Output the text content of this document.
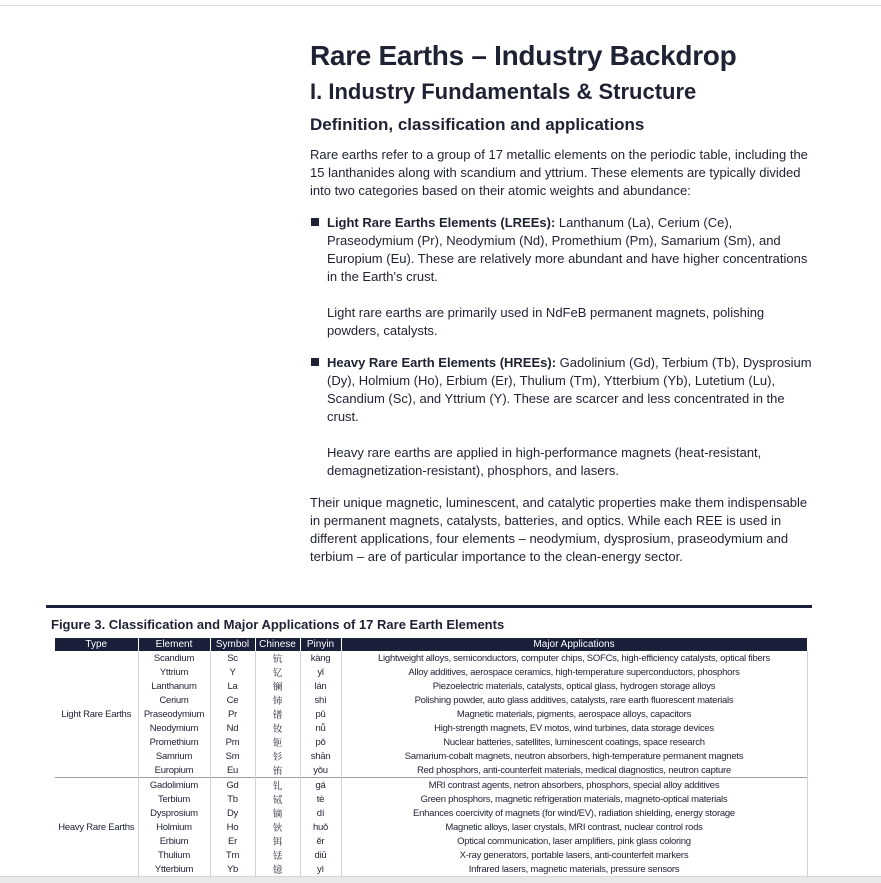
Rare Earths – Industry Backdrop
I. Industry Fundamentals & Structure
Definition, classification and applications

Rare earths refer to a group of 17 metallic elements on the periodic table, including the 15 lanthanides along with scandium and yttrium. These elements are typically divided into two categories based on their atomic weights and abundance:

Light Rare Earths Elements (LREEs): Lanthanum (La), Cerium (Ce), Praseodymium (Pr), Neodymium (Nd), Promethium (Pm), Samarium (Sm), and Europium (Eu). These are relatively more abundant and have higher concentrations in the Earth's crust.

Light rare earths are primarily used in NdFeB permanent magnets, polishing powders, catalysts.

Heavy Rare Earth Elements (HREEs): Gadolinium (Gd), Terbium (Tb), Dysprosium (Dy), Holmium (Ho), Erbium (Er), Thulium (Tm), Ytterbium (Yb), Lutetium (Lu), Scandium (Sc), and Yttrium (Y). These are scarcer and less concentrated in the crust.

Heavy rare earths are applied in high-performance magnets (heat-resistant, demagnetization-resistant), phosphors, and lasers.

Their unique magnetic, luminescent, and catalytic properties make them indispensable in permanent magnets, catalysts, batteries, and optics. While each REE is used in different applications, four elements – neodymium, dysprosium, praseodymium and terbium – are of particular importance to the clean-energy sector.

Figure 3. Classification and Major Applications of 17 Rare Earth Elements
Type	Element	Symbol	Chinese	Pinyin	Major Applications
Light Rare Earths	Scandium	Sc	钪	kàng	Lightweight alloys, semiconductors, computer chips, SOFCs, high-efficiency catalysts, optical fibers
	Yttrium	Y	钇	yǐ	Alloy additives, aerospace ceramics, high-temperature superconductors, phosphors
	Lanthanum	La	镧	lán	Piezoelectric materials, catalysts, optical glass, hydrogen storage alloys
	Cerium	Ce	铈	shì	Polishing powder, auto glass additives, catalysts, rare earth fluorescent materials
	Praseodymium	Pr	镨	pǔ	Magnetic materials, pigments, aerospace alloys, capacitors
	Neodymium	Nd	钕	nǚ	High-strength magnets, EV motos, wind turbines, data storage devices
	Promethium	Pm	钷	pǒ	Nuclear batteries, satellites, luminescent coatings, space research
	Samrium	Sm	钐	shān	Samarium-cobalt magnets, neutron absorbers, high-temperature permanent magnets
	Europium	Eu	铕	yǒu	Red phosphors, anti-counterfeit materials, medical diagnostics, neutron capture
Heavy Rare Earths	Gadolimium	Gd	钆	gá	MRI contrast agents, netron absorbers, phosphors, special alloy additives
	Terbium	Tb	铽	tè	Green phosphors, magnetic refrigeration materials, magneto-optical materials
	Dysprosium	Dy	镝	dí	Enhances coercivity of magnets (for wind/EV), radiation shielding, energy storage
	Holmium	Ho	钬	huǒ	Magnetic alloys, laser crystals, MRI contrast, nuclear control rods
	Erbium	Er	铒	ěr	Optical communication, laser amplifiers, pink glass coloring
	Thulium	Tm	铥	diū	X-ray generators, portable lasers, anti-counterfeit markers
	Ytterbium	Yb	镱	yì	Infrared lasers, magnetic materials, pressure sensors
